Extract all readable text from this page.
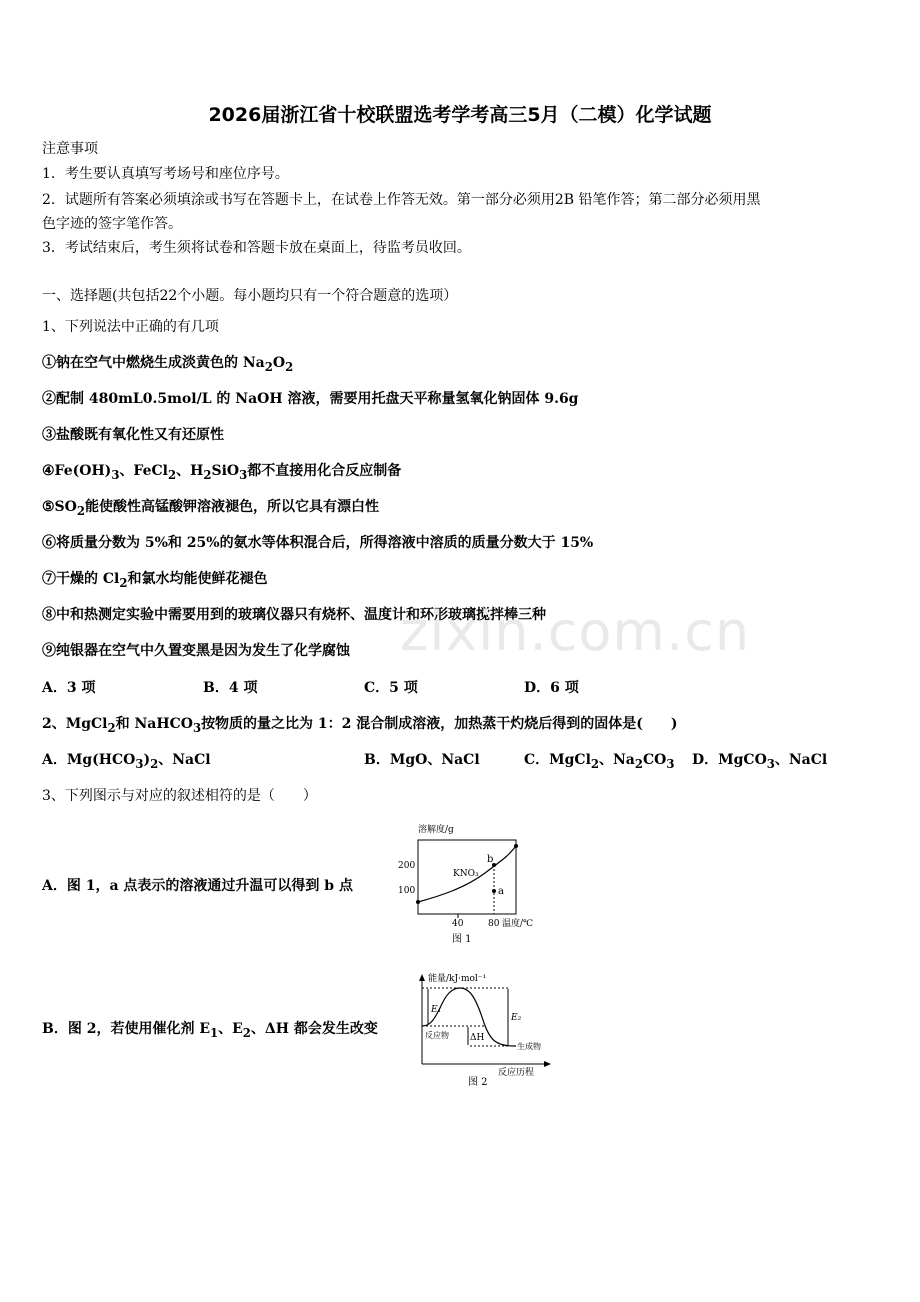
2026届浙江省十校联盟选考学考高三5月（二模）化学试题
注意事项
1．考生要认真填写考场号和座位序号。
2．试题所有答案必须填涂或书写在答题卡上，在试卷上作答无效。第一部分必须用2B 铅笔作答；第二部分必须用黑
色字迹的签字笔作答。
3．考试结束后，考生须将试卷和答题卡放在桌面上，待监考员收回。
一、选择题(共包括22个小题。每小题均只有一个符合题意的选项）
1、下列说法中正确的有几项
①钠在空气中燃烧生成淡黄色的 $Na_2O_2$
②配制 480mL0.5mol/L 的 NaOH 溶液，需要用托盘天平称量氢氧化钠固体 9.6g
③盐酸既有氧化性又有还原性
$④Fe(OH)_3$、FeCl$_2$、$H_2SiO_3$都不直接用化合反应制备
$⑤SO_2$能使酸性高锰酸钾溶液褪色，所以它具有漂白性
⑥将质量分数为 5%和 25%的氨水等体积混合后，所得溶液中溶质的质量分数大于 15%
⑦干燥的 $Cl_2$和氯水均能使鲜花褪色
⑧中和热测定实验中需要用到的玻璃仪器只有烧杯、温度计和环形玻璃搅拌棒三种
⑨纯银器在空气中久置变黑是因为发生了化学腐蚀
A．3 项	B．4 项	C．5 项	D．6 项
2、MgCl$_2$和 NaHCO$_3$按物质的量之比为 1：2 混合制成溶液，加热蒸干灼烧后得到的固体是(　　)
A．$Mg(HCO_3)_2$、NaCl	B．MgO、NaCl	C．MgCl$_2$、$Na_2CO_3$ D．MgCO$_3$、NaCl
3、下列图示与对应的叙述相符的是（　　）
A．图 1，a 点表示的溶液通过升温可以得到 b 点
溶解度/g
200
100
40	80 温度/℃
KNO₃
b
a
图 1
B．图 2，若使用催化剂 $E_1$、$E_2$、ΔH 都会发生改变
能量/kJ·mol⁻¹
E₁
E₂
ΔH
反应物
生成物
反应历程
图 2
zixin.com.cn
